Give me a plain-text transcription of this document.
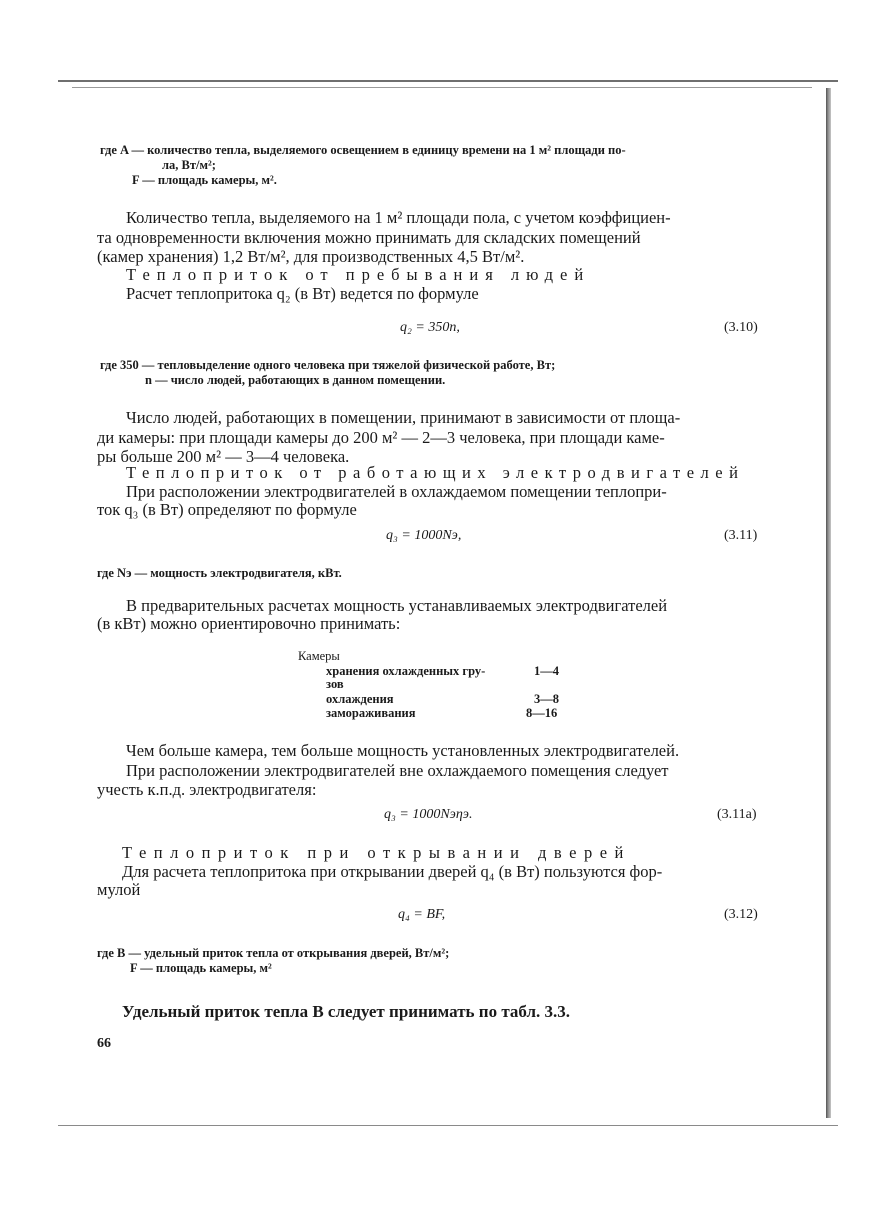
где A — количество тепла, выделяемого освещением в единицу времени на 1 м² площади по-
ла, Вт/м²;
F — площадь камеры, м².
Количество тепла, выделяемого на 1 м² площади пола, с учетом коэффициен-
та одновременности включения можно принимать для складских помещений
(камер хранения) 1,2 Вт/м², для производственных 4,5 Вт/м².
Теплоприток от пребывания людей
Расчет теплопритока q₂ (в Вт) ведется по формуле
q₂ = 350n,	(3.10)
где 350 — тепловыделение одного человека при тяжелой физической работе, Вт;
n — число людей, работающих в данном помещении.
Число людей, работающих в помещении, принимают в зависимости от площа-
ди камеры: при площади камеры до 200 м² — 2—3 человека, при площади каме-
ры больше 200 м² — 3—4 человека.
Теплоприток от работающих электродвигателей
При расположении электродвигателей в охлаждаемом помещении теплопри-
ток q₃ (в Вт) определяют по формуле
q₃ = 1000Nэ,	(3.11)
где Nэ — мощность электродвигателя, кВт.
В предварительных расчетах мощность устанавливаемых электродвигателей
(в кВт) можно ориентировочно принимать:
Камеры
хранения охлажденных гру-	1—4
зов
охлаждения	3—8
замораживания	8—16
Чем больше камера, тем больше мощность установленных электродвигателей.
При расположении электродвигателей вне охлаждаемого помещения следует
учесть к.п.д. электродвигателя:
q₃ = 1000Nэηэ.	(3.11a)
Теплоприток при открывании дверей
Для расчета теплопритока при открывании дверей q₄ (в Вт) пользуются фор-
мулой
q₄ = BF,	(3.12)
где B — удельный приток тепла от открывания дверей, Вт/м²;
F — площадь камеры, м²
Удельный приток тепла B следует принимать по табл. 3.3.
66
